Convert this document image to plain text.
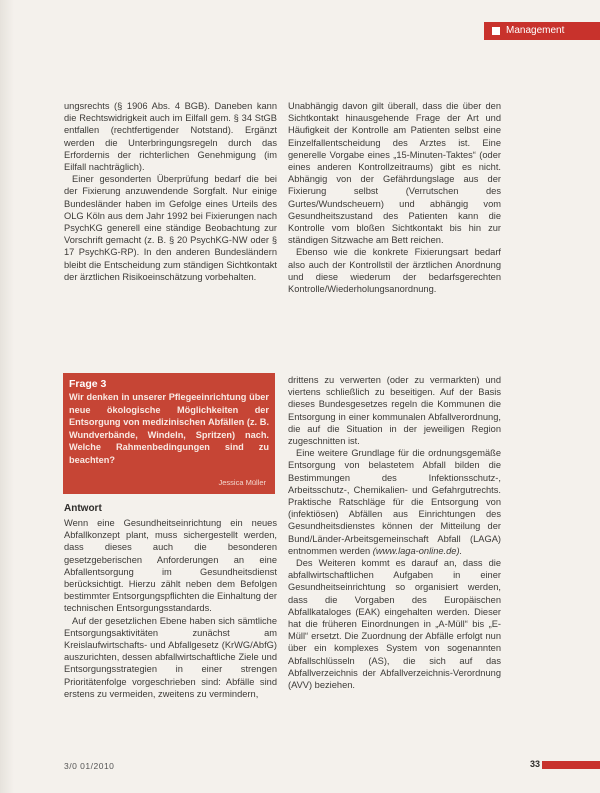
Management

ungsrechts (§ 1906 Abs. 4 BGB). Daneben kann die Rechtswidrigkeit auch im Eilfall gem. § 34 StGB entfallen (rechtfertigender Notstand). Ergänzt werden die Unterbringungsregeln durch das Erfordernis der richterlichen Genehmigung (im Eilfall nachträglich).

Einer gesonderten Überprüfung bedarf die bei der Fixierung anzuwendende Sorgfalt. Nur einige Bundesländer haben im Gefolge eines Urteils des OLG Köln aus dem Jahr 1992 bei Fixierungen nach PsychKG generell eine ständige Beobachtung zur Vorschrift gemacht (z. B. § 20 PsychKG-NW oder § 17 PsychKG-RP). In den anderen Bundesländern bleibt die Entscheidung zum ständigen Sichtkontakt der ärztlichen Risikoeinschätzung vorbehalten.

Unabhängig davon gilt überall, dass die über den Sichtkontakt hinausgehende Frage der Art und Häufigkeit der Kontrolle am Patienten selbst eine Einzelfallentscheidung des Arztes ist. Eine generelle Vorgabe eines „15-Minuten-Taktes“ (oder eines anderen Kontrollzeitraums) gibt es nicht. Abhängig von der Gefährdungslage aus der Fixierung selbst (Verrutschen des Gurtes/Wundscheuern) und abhängig vom Gesundheitszustand des Patienten kann die Kontrolle vom bloßen Sichtkontakt bis hin zur ständigen Sitzwache am Bett reichen.

Ebenso wie die konkrete Fixierungsart bedarf also auch der Kontrollstil der ärztlichen Anordnung und diese wiederum der bedarfsgerechten Kontrolle/Wiederholungsanordnung.

Frage 3
Wir denken in unserer Pflegeeinrichtung über neue ökologische Möglichkeiten der Entsorgung von medizinischen Abfällen (z. B. Wundverbände, Windeln, Spritzen) nach. Welche Rahmenbedingungen sind zu beachten?
Jessica Müller
Antwort

Wenn eine Gesundheitseinrichtung ein neues Abfallkonzept plant, muss sichergestellt werden, dass dieses auch die besonderen gesetzgeberischen Anforderungen an eine Abfallentsorgung im Gesundheitsdienst berücksichtigt. Hierzu zählt neben dem Befolgen bestimmter Entsorgungspflichten die Einhaltung der technischen Entsorgungsstandards.

Auf der gesetzlichen Ebene haben sich sämtliche Entsorgungsaktivitäten zunächst am Kreislaufwirtschafts- und Abfallgesetz (KrWG/AbfG) auszurichten, dessen abfallwirtschaftliche Ziele und Entsorgungsstrategien in einer strengen Prioritätenfolge vorgeschrieben sind: Abfälle sind erstens zu vermeiden, zweitens zu vermindern,

drittens zu verwerten (oder zu vermarkten) und viertens schließlich zu beseitigen. Auf der Basis dieses Bundesgesetzes regeln die Kommunen die Entsorgung in einer kommunalen Abfallverordnung, die auf die Situation in der jeweiligen Region zugeschnitten ist.

Eine weitere Grundlage für die ordnungsgemäße Entsorgung von belastetem Abfall bilden die Bestimmungen des Infektionsschutz-, Arbeitsschutz-, Chemikalien- und Gefahrgutrechts. Praktische Ratschläge für die Entsorgung von (infektiösen) Abfällen aus Einrichtungen des Gesundheitsdienstes können der Mitteilung der Bund/Länder-Arbeitsgemeinschaft Abfall (LAGA) entnommen werden (www.laga-online.de).

Des Weiteren kommt es darauf an, dass die abfallwirtschaftlichen Aufgaben in einer Gesundheitseinrichtung so organisiert werden, dass die Vorgaben des Europäischen Abfallkataloges (EAK) eingehalten werden. Dieser hat die früheren Einordnungen in „A-Müll“ bis „E-Müll“ ersetzt. Die Zuordnung der Abfälle erfolgt nun über ein komplexes System von sogenannten Abfallschlüsseln (AS), die sich auf das Abfallverzeichnis der Abfallverzeichnis-Verordnung (AVV) beziehen.

3/0 01/2010	33
